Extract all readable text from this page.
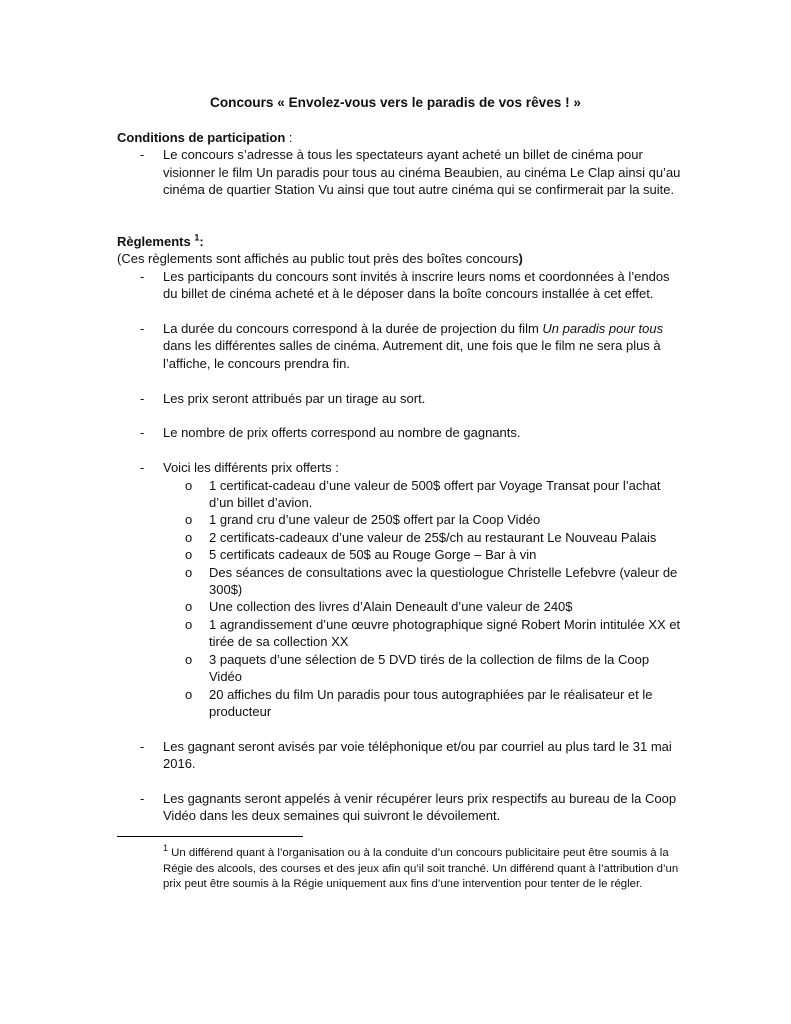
Concours « Envolez-vous vers le paradis de vos rêves ! »
Conditions de participation :
- Le concours s’adresse à tous les spectateurs ayant acheté un billet de cinéma pour visionner le film Un paradis pour tous au cinéma Beaubien, au cinéma Le Clap ainsi qu’au cinéma de quartier Station Vu ainsi que tout autre cinéma qui se confirmerait par la suite.
Règlements $^1$:
(Ces règlements sont affichés au public tout près des boîtes concours)
- Les participants du concours sont invités à inscrire leurs noms et coordonnées à l’endos du billet de cinéma acheté et à le déposer dans la boîte concours installée à cet effet.
- La durée du concours correspond à la durée de projection du film Un paradis pour tous dans les différentes salles de cinéma. Autrement dit, une fois que le film ne sera plus à l’affiche, le concours prendra fin.
- Les prix seront attribués par un tirage au sort.
- Le nombre de prix offerts correspond au nombre de gagnants.
- Voici les différents prix offerts :
o 1 certificat-cadeau d’une valeur de 500$ offert par Voyage Transat pour l’achat d’un billet d’avion.
o 1 grand cru d’une valeur de 250$ offert par la Coop Vidéo
o 2 certificats-cadeaux d’une valeur de 25$/ch au restaurant Le Nouveau Palais
o 5 certificats cadeaux de 50$ au Rouge Gorge – Bar à vin
o Des séances de consultations avec la questiologue Christelle Lefebvre (valeur de 300$)
o Une collection des livres d’Alain Deneault d’une valeur de 240$
o 1 agrandissement d’une œuvre photographique signé Robert Morin intitulée XX et tirée de sa collection XX
o 3 paquets d’une sélection de 5 DVD tirés de la collection de films de la Coop Vidéo
o 20 affiches du film Un paradis pour tous autographiées par le réalisateur et le producteur
- Les gagnant seront avisés par voie téléphonique et/ou par courriel au plus tard le 31 mai 2016.
- Les gagnants seront appelés à venir récupérer leurs prix respectifs au bureau de la Coop Vidéo dans les deux semaines qui suivront le dévoilement.
$^1$ Un différend quant à l’organisation ou à la conduite d’un concours publicitaire peut être soumis à la Régie des alcools, des courses et des jeux afin qu’il soit tranché. Un différend quant à l’attribution d’un prix peut être soumis à la Régie uniquement aux fins d’une intervention pour tenter de le régler.
